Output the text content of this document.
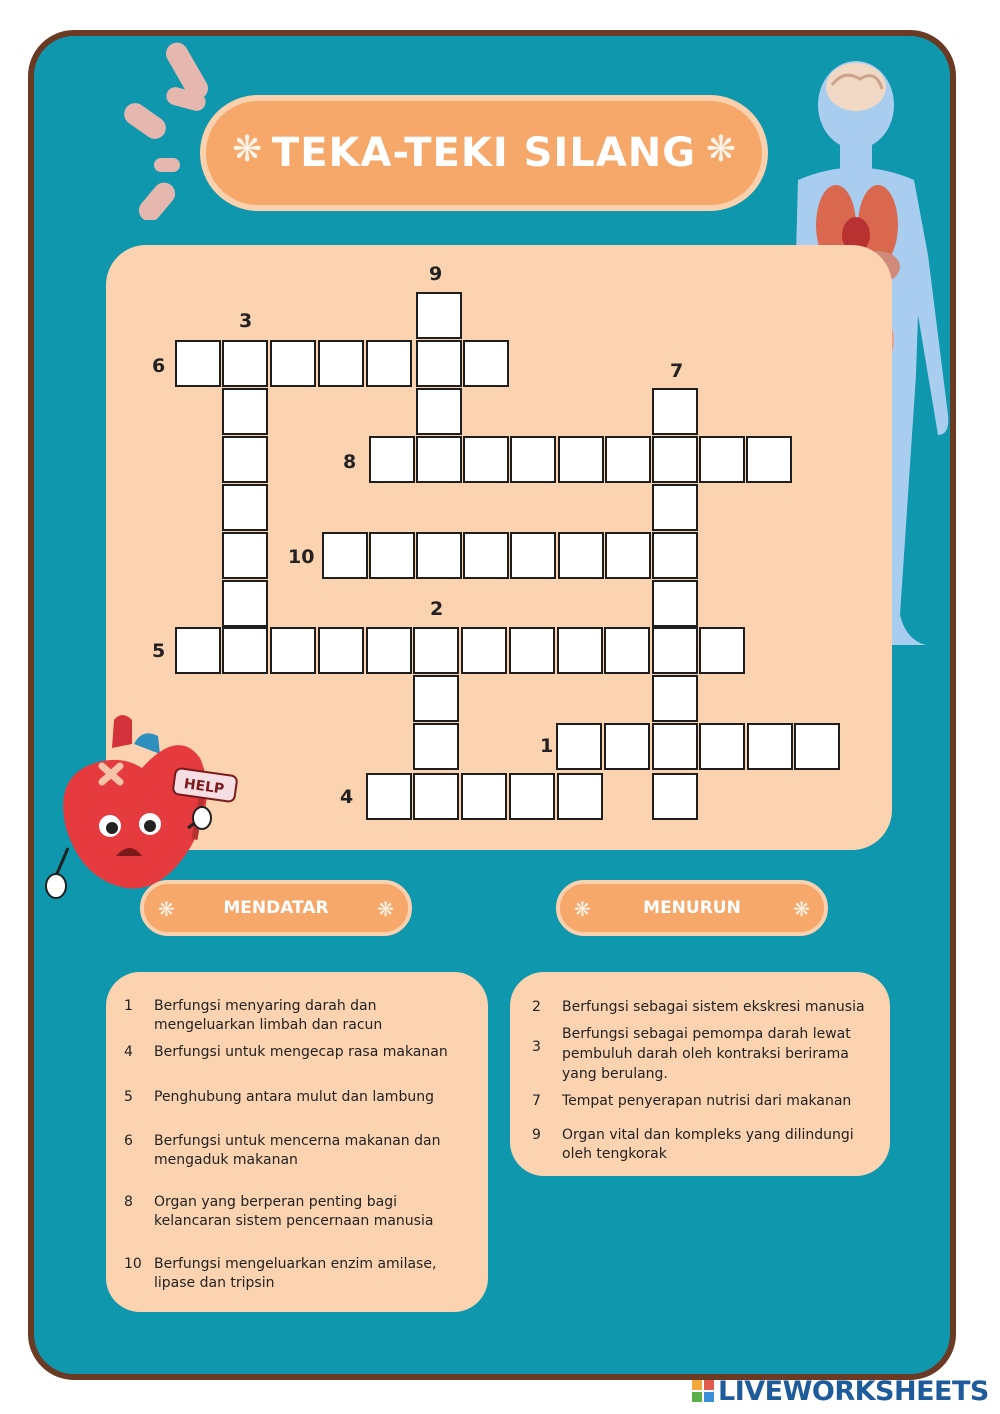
❋ TEKA-TEKI SILANG ❋
9
3
6	7
8
10
2
5
1
4
HELP
❋	MENDATAR ❋	❋	MENURUN	❋
1	Berfungsi menyaring darah dan mengeluarkan limbah dan racun
4	Berfungsi untuk mengecap rasa makanan
5	Penghubung antara mulut dan lambung
6	Berfungsi untuk mencerna makanan dan mengaduk makanan
8	Organ yang berperan penting bagi kelancaran sistem pencernaan manusia
10 Berfungsi mengeluarkan enzim amilase, lipase dan tripsin
2	Berfungsi sebagai sistem ekskresi manusia
3
Berfungsi sebagai pemompa darah lewat pembuluh darah oleh kontraksi berirama yang berulang.
7	Tempat penyerapan nutrisi dari makanan
9	Organ vital dan kompleks yang dilindungi oleh tengkorak
LIVEWORKSHEETS
